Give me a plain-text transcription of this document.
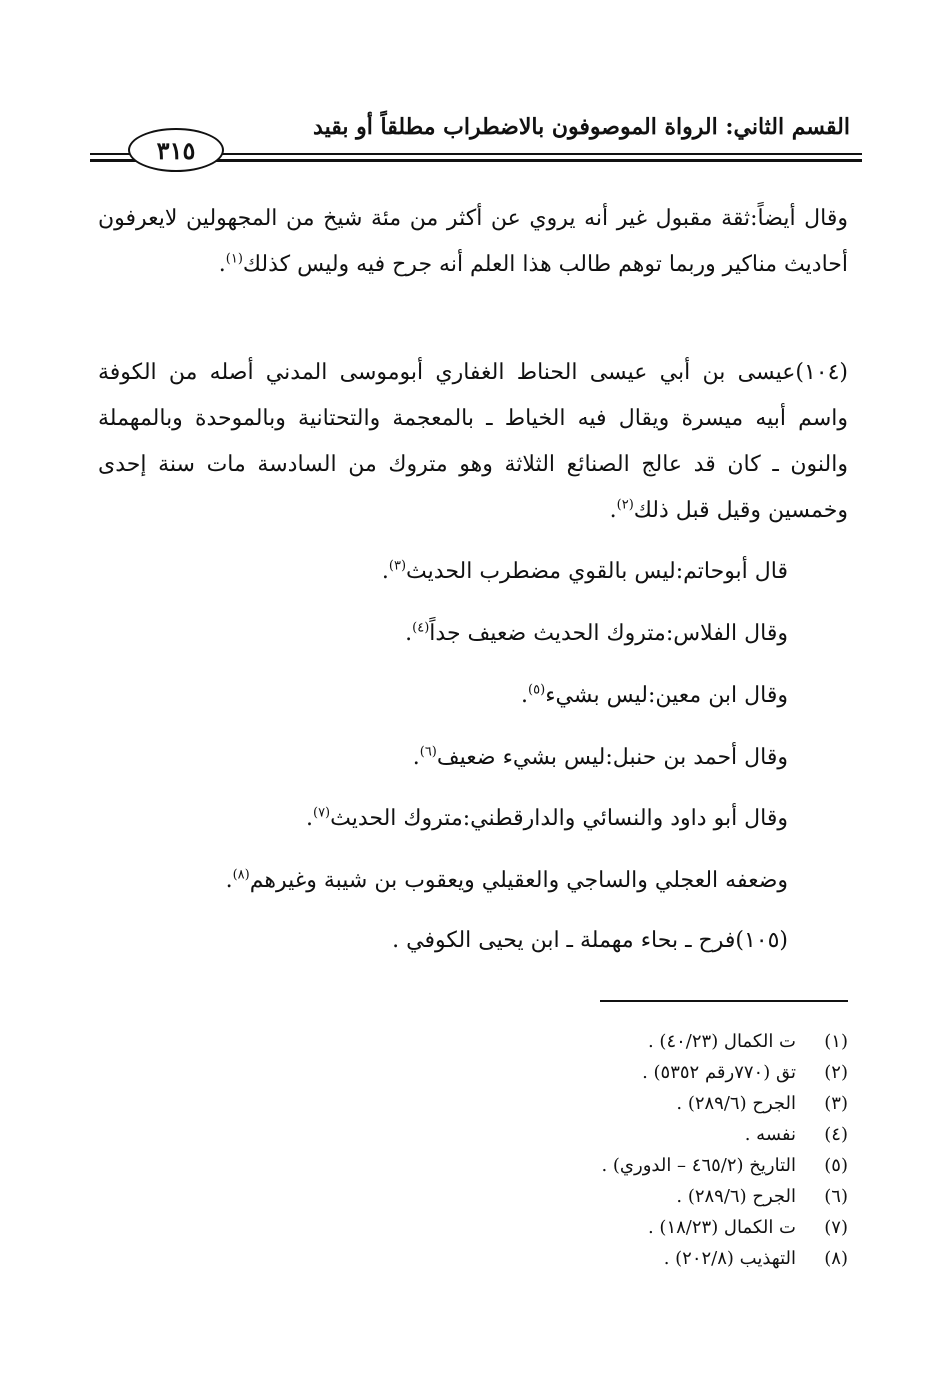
القسم الثاني: الرواة الموصوفون بالاضطراب مطلقاً أو بقيد
٣١٥
وقال أيضاً:ثقة مقبول غير أنه يروي عن أكثر من مئة شيخ من المجهولين لايعرفون أحاديث مناكير وربما توهم طالب هذا العلم أنه جرح فيه وليس كذلك$^{(١)}$.
(١٠٤)عيسى بن أبي عيسى الحناط الغفاري أبوموسى المدني أصله من الكوفة واسم أبيه ميسرة ويقال فيه الخياط ـ بالمعجمة والتحتانية وبالموحدة وبالمهملة والنون ـ كان قد عالج الصنائع الثلاثة وهو متروك من السادسة مات سنة إحدى وخمسين وقيل قبل ذلك$^{(٢)}$.
قال أبوحاتم:ليس بالقوي مضطرب الحديث$^{(٣)}$.
وقال الفلاس:متروك الحديث ضعيف جداً$^{(٤)}$.
وقال ابن معين:ليس بشيء$^{(٥)}$.
وقال أحمد بن حنبل:ليس بشيء ضعيف$^{(٦)}$.
وقال أبو داود والنسائي والدارقطني:متروك الحديث$^{(٧)}$.
وضعفه العجلي والساجي والعقيلي ويعقوب بن شيبة وغيرهم$^{(٨)}$.
(١٠٥)فرح ـ بحاء مهملة ـ ابن يحيى الكوفي .
(١)
ت الكمال (٤٠/٢٣) .
(٢)
تق (٧٧٠رقم ٥٣٥٢) .
(٣)
الجرح (٢٨٩/٦) .
(٤)
نفسه .
(٥)
التاريخ (٤٦٥/٢ – الدوري) .
(٦)
الجرح (٢٨٩/٦) .
(٧)
ت الكمال (١٨/٢٣) .
(٨)
التهذيب (٢٠٢/٨) .
